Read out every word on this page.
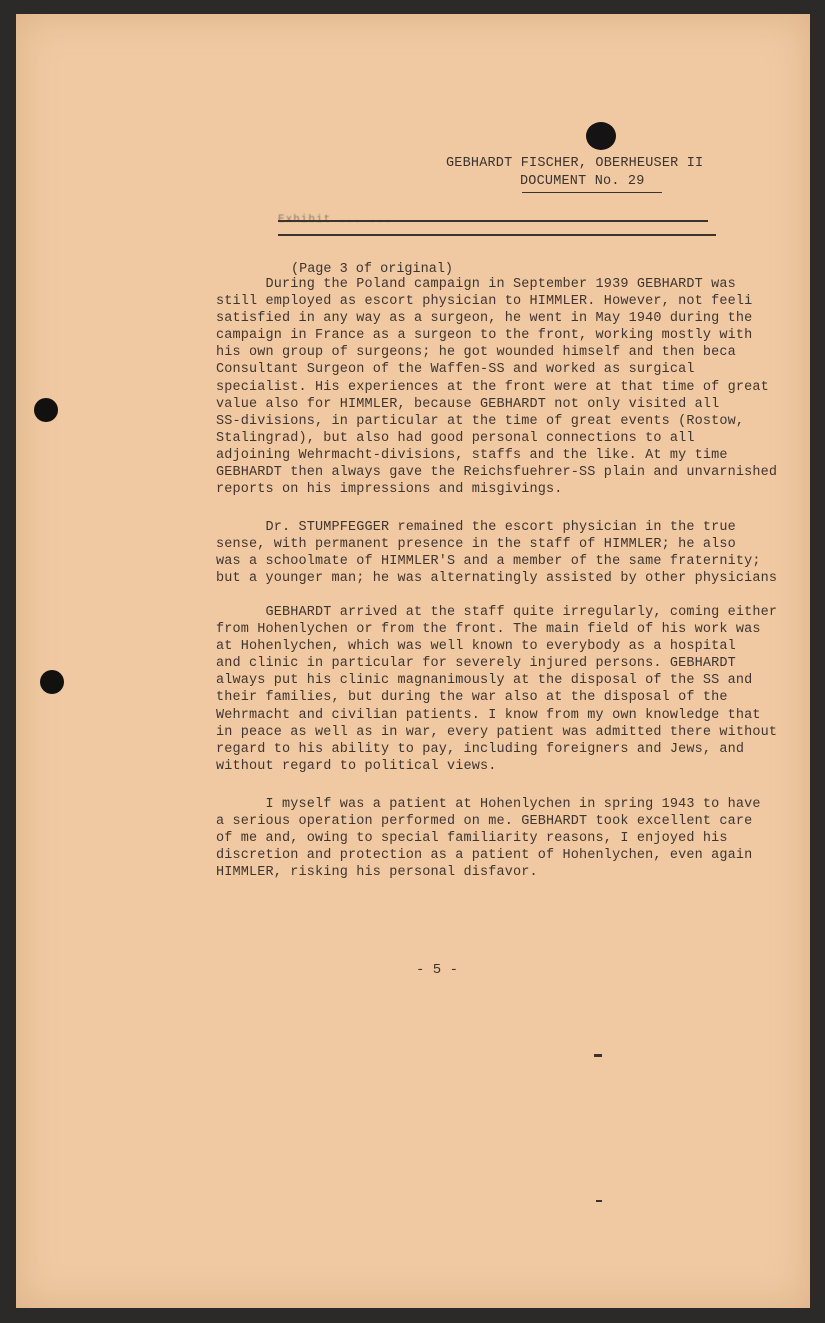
GEBHARDT FISCHER, OBERHEUSER II
DOCUMENT No. 29
(Page 3 of original)
During the Poland campaign in September 1939 GEBHARDT was
still employed as escort physician to HIMMLER. However, not feeli
satisfied in any way as a surgeon, he went in May 1940 during the
campaign in France as a surgeon to the front, working mostly with
his own group of surgeons; he got wounded himself and then beca
Consultant Surgeon of the Waffen-SS and worked as surgical
specialist. His experiences at the front were at that time of great
value also for HIMMLER, because GEBHARDT not only visited all
SS-divisions, in particular at the time of great events (Rostow,
Stalingrad), but also had good personal connections to all
adjoining Wehrmacht-divisions, staffs and the like. At my time
GEBHARDT then always gave the Reichsfuehrer-SS plain and unvarnished
reports on his impressions and misgivings.
Dr. STUMPFEGGER remained the escort physician in the true
sense, with permanent presence in the staff of HIMMLER; he also
was a schoolmate of HIMMLER'S and a member of the same fraternity;
but a younger man; he was alternatingly assisted by other physicians
GEBHARDT arrived at the staff quite irregularly, coming either
from Hohenlychen or from the front. The main field of his work was
at Hohenlychen, which was well known to everybody as a hospital
and clinic in particular for severely injured persons. GEBHARDT
always put his clinic magnanimously at the disposal of the SS and
their families, but during the war also at the disposal of the
Wehrmacht and civilian patients. I know from my own knowledge that
in peace as well as in war, every patient was admitted there without
regard to his ability to pay, including foreigners and Jews, and
without regard to political views.
I myself was a patient at Hohenlychen in spring 1943 to have
a serious operation performed on me. GEBHARDT took excellent care
of me and, owing to special familiarity reasons, I enjoyed his
discretion and protection as a patient of Hohenlychen, even again
HIMMLER, risking his personal disfavor.
- 5 -
